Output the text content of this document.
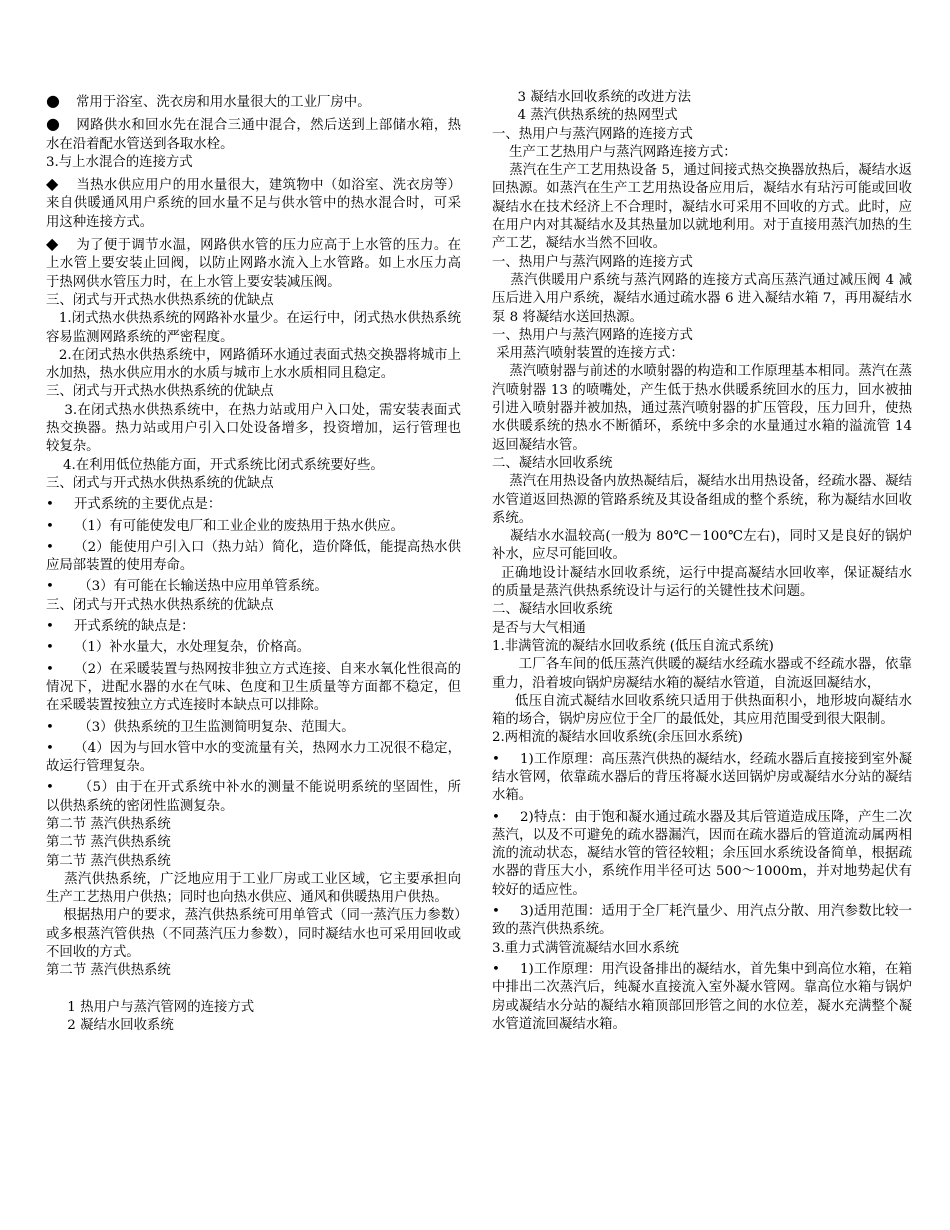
● 常用于浴室、洗衣房和用水量很大的工业厂房中。

● 网路供水和回水先在混合三通中混合，然后送到上部储水箱，热水在沿着配水管送到各取水栓。

3.与上水混合的连接方式

◆ 当热水供应用户的用水量很大，建筑物中（如浴室、洗衣房等）来自供暖通风用户系统的回水量不足与供水管中的热水混合时，可采用这种连接方式。

◆ 为了便于调节水温，网路供水管的压力应高于上水管的压力。在上水管上要安装止回阀，以防止网路水流入上水管路。如上水压力高于热网供水管压力时，在上水管上要安装减压阀。

三、闭式与开式热水供热系统的优缺点

1.闭式热水供热系统的网路补水量少。在运行中，闭式热水供热系统容易监测网路系统的严密程度。

2.在闭式热水供热系统中，网路循环水通过表面式热交换器将城市上水加热，热水供应用水的水质与城市上水水质相同且稳定。

三、闭式与开式热水供热系统的优缺点

3.在闭式热水供热系统中，在热力站或用户入口处，需安装表面式热交换器。热力站或用户引入口处设备增多，投资增加，运行管理也较复杂。

4.在利用低位热能方面，开式系统比闭式系统要好些。

三、闭式与开式热水供热系统的优缺点

• 开式系统的主要优点是：

• （1）有可能使发电厂和工业企业的废热用于热水供应。

• （2）能使用户引入口（热力站）简化，造价降低，能提高热水供应局部装置的使用寿命。

• （3）有可能在长输送热中应用单管系统。

三、闭式与开式热水供热系统的优缺点

• 开式系统的缺点是：

• （1）补水量大，水处理复杂，价格高。

• （2）在采暖装置与热网按非独立方式连接、自来水氧化性很高的情况下，进配水器的水在气味、色度和卫生质量等方面都不稳定，但在采暖装置按独立方式连接时本缺点可以排除。

• （3）供热系统的卫生监测简明复杂、范围大。

• （4）因为与回水管中水的变流量有关，热网水力工况很不稳定，故运行管理复杂。

• （5）由于在开式系统中补水的测量不能说明系统的坚固性，所以供热系统的密闭性监测复杂。

第二节 蒸汽供热系统

第二节 蒸汽供热系统

第二节 蒸汽供热系统

蒸汽供热系统，广泛地应用于工业厂房或工业区域，它主要承担向生产工艺热用户供热；同时也向热水供应、通风和供暖热用户供热。

根据热用户的要求，蒸汽供热系统可用单管式（同一蒸汽压力参数）或多根蒸汽管供热（不同蒸汽压力参数），同时凝结水也可采用回收或不回收的方式。

第二节 蒸汽供热系统

1 热用户与蒸汽管网的连接方式

2 凝结水回收系统

3 凝结水回收系统的改进方法

4 蒸汽供热系统的热网型式

一、热用户与蒸汽网路的连接方式

生产工艺热用户与蒸汽网路连接方式：

蒸汽在生产工艺用热设备 5，通过间接式热交换器放热后，凝结水返回热源。如蒸汽在生产工艺用热设备应用后，凝结水有玷污可能或回收凝结水在技术经济上不合理时，凝结水可采用不回收的方式。此时，应在用户内对其凝结水及其热量加以就地利用。对于直接用蒸汽加热的生产工艺，凝结水当然不回收。

一、热用户与蒸汽网路的连接方式

蒸汽供暖用户系统与蒸汽网路的连接方式高压蒸汽通过减压阀 4 减压后进入用户系统，凝结水通过疏水器 6 进入凝结水箱 7，再用凝结水泵 8 将凝结水送回热源。

一、热用户与蒸汽网路的连接方式

采用蒸汽喷射装置的连接方式：

蒸汽喷射器与前述的水喷射器的构造和工作原理基本相同。蒸汽在蒸汽喷射器 13 的喷嘴处，产生低于热水供暖系统回水的压力，回水被抽引进入喷射器并被加热，通过蒸汽喷射器的扩压管段，压力回升，使热水供暖系统的热水不断循环，系统中多余的水量通过水箱的溢流管 14 返回凝结水管。

二、凝结水回收系统

蒸汽在用热设备内放热凝结后，凝结水出用热设备，经疏水器、凝结水管道返回热源的管路系统及其设备组成的整个系统，称为凝结水回收系统。

凝结水水温较高(一般为 80℃－100℃左右)，同时又是良好的锅炉补水，应尽可能回收。

正确地设计凝结水回收系统，运行中提高凝结水回收率，保证凝结水的质量是蒸汽供热系统设计与运行的关键性技术问题。

二、凝结水回收系统

是否与大气相通

1.非满管流的凝结水回收系统 (低压自流式系统)

工厂各车间的低压蒸汽供暖的凝结水经疏水器或不经疏水器，依靠重力，沿着坡向锅炉房凝结水箱的凝结水管道，自流返回凝结水，

低压自流式凝结水回收系统只适用于供热面积小，地形坡向凝结水箱的场合，锅炉房应位于全厂的最低处，其应用范围受到很大限制。

2.两相流的凝结水回收系统(余压回水系统)

• 1)工作原理：高压蒸汽供热的凝结水，经疏水器后直接接到室外凝结水管网，依靠疏水器后的背压将凝水送回锅炉房或凝结水分站的凝结水箱。

• 2)特点：由于饱和凝水通过疏水器及其后管道造成压降，产生二次蒸汽，以及不可避免的疏水器漏汽，因而在疏水器后的管道流动属两相流的流动状态，凝结水管的管径较粗；余压回水系统设备简单，根据疏水器的背压大小，系统作用半径可达 500～1000m，并对地势起伏有较好的适应性。

• 3)适用范围：适用于全厂耗汽量少、用汽点分散、用汽参数比较一致的蒸汽供热系统。

3.重力式满管流凝结水回水系统

• 1)工作原理：用汽设备排出的凝结水，首先集中到高位水箱，在箱中排出二次蒸汽后，纯凝水直接流入室外凝水管网。靠高位水箱与锅炉房或凝结水分站的凝结水箱顶部回形管之间的水位差，凝水充满整个凝水管道流回凝结水箱。
